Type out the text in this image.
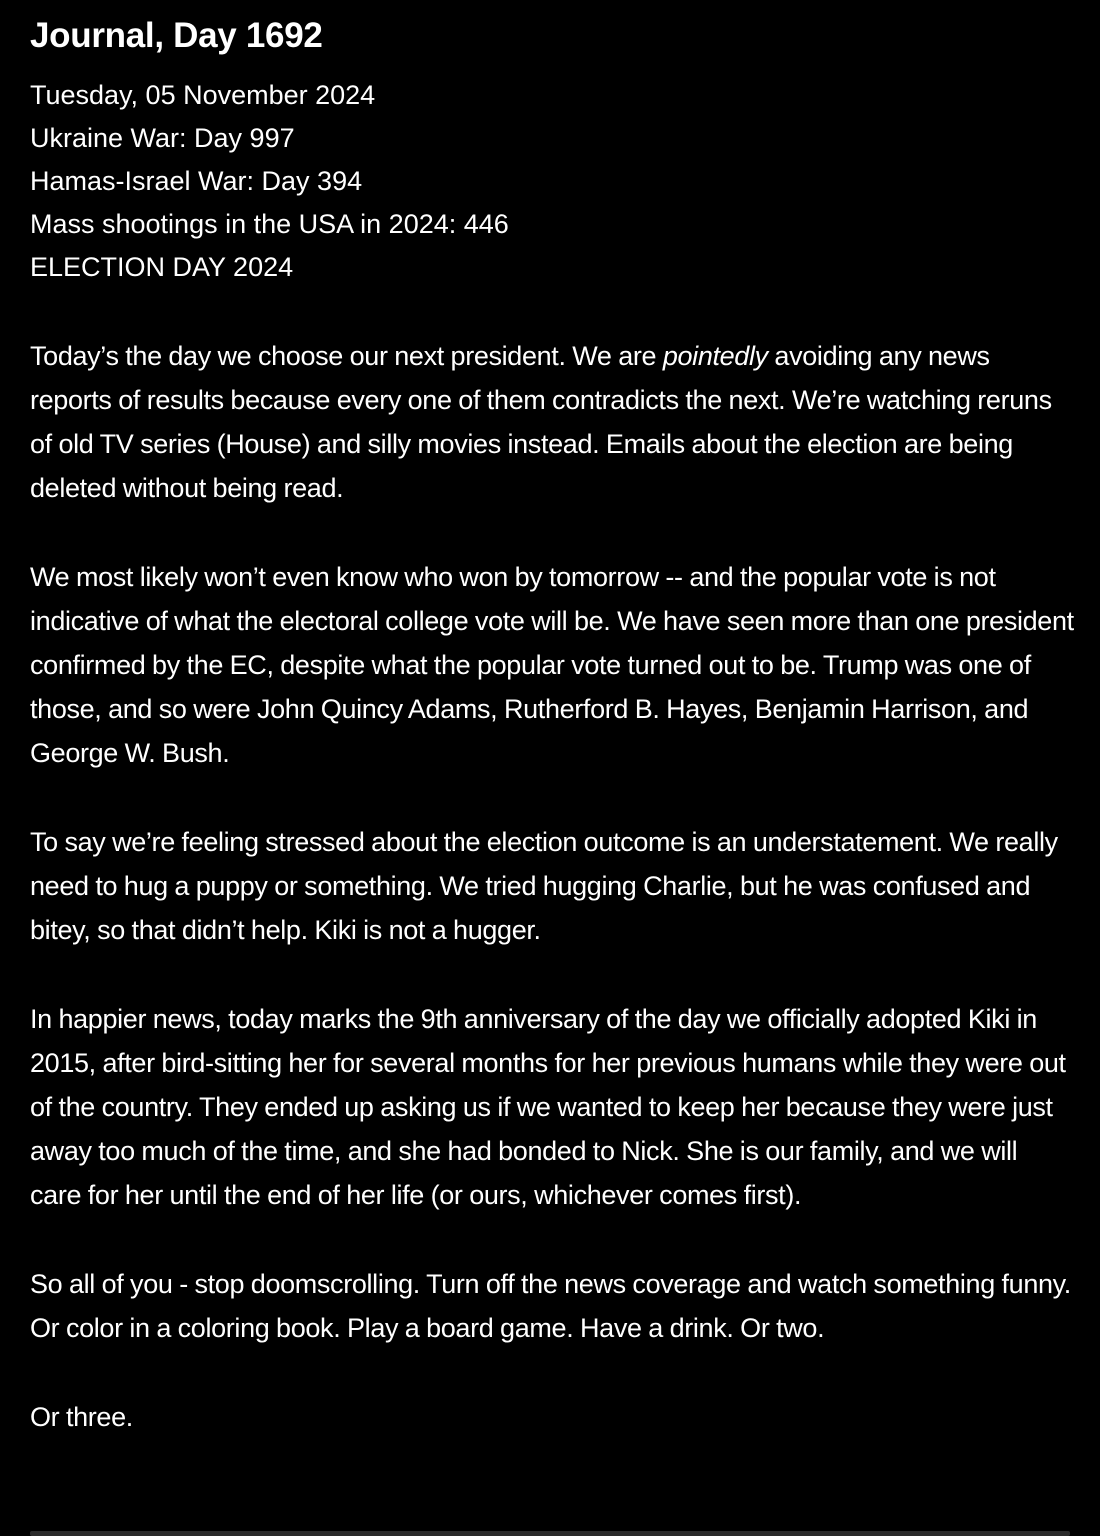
Journal, Day 1692
Tuesday, 05 November 2024
Ukraine War: Day 997
Hamas-Israel War: Day 394
Mass shootings in the USA in 2024: 446
ELECTION DAY 2024

Today’s the day we choose our next president. We are pointedly avoiding any news reports of results because every one of them contradicts the next. We’re watching reruns of old TV series (House) and silly movies instead. Emails about the election are being deleted without being read.

We most likely won’t even know who won by tomorrow -- and the popular vote is not indicative of what the electoral college vote will be. We have seen more than one president confirmed by the EC, despite what the popular vote turned out to be. Trump was one of those, and so were John Quincy Adams, Rutherford B. Hayes, Benjamin Harrison, and George W. Bush.

To say we’re feeling stressed about the election outcome is an understatement. We really need to hug a puppy or something. We tried hugging Charlie, but he was confused and bitey, so that didn’t help. Kiki is not a hugger.

In happier news, today marks the 9th anniversary of the day we officially adopted Kiki in 2015, after bird-sitting her for several months for her previous humans while they were out of the country. They ended up asking us if we wanted to keep her because they were just away too much of the time, and she had bonded to Nick. She is our family, and we will care for her until the end of her life (or ours, whichever comes first).

So all of you - stop doomscrolling. Turn off the news coverage and watch something funny. Or color in a coloring book. Play a board game. Have a drink. Or two.

Or three.
